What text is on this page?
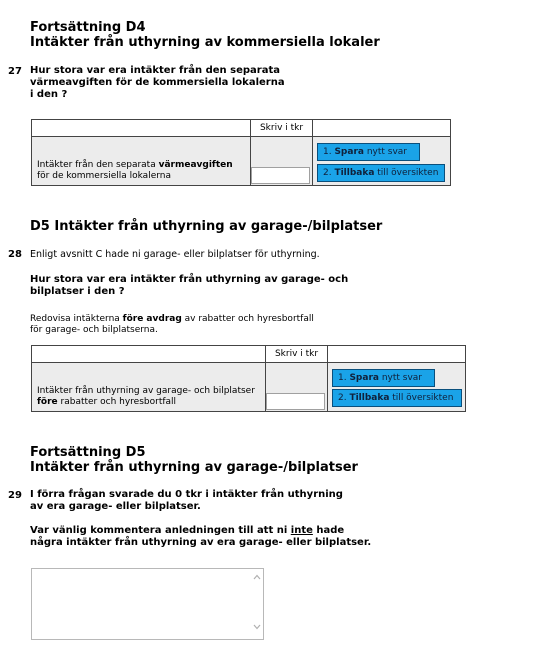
Fortsättning D4
Intäkter från uthyrning av kommersiella lokaler
27 Hur stora var era intäkter från den separata
värmeavgiften för de kommersiella lokalerna
i den ?
	Skriv i tkr	
Intäkter från den separata värmeavgiften
för de kommersiella lokalerna		
1. Spara nytt svar
2. Tillbaka till översikten
D5 Intäkter från uthyrning av garage-/bilplatser
28 Enligt avsnitt C hade ni garage- eller bilplatser för uthyrning.
Hur stora var era intäkter från uthyrning av garage- och
bilplatser i den ?
Redovisa intäkterna före avdrag av rabatter och hyresbortfall
för garage- och bilplatserna.
	Skriv i tkr	
Intäkter från uthyrning av garage- och bilplatser
före rabatter och hyresbortfall		
1. Spara nytt svar
2. Tillbaka till översikten
Fortsättning D5
Intäkter från uthyrning av garage-/bilplatser
29 I förra frågan svarade du 0 tkr i intäkter från uthyrning
av era garage- eller bilplatser.
Var vänlig kommentera anledningen till att ni inte hade
några intäkter från uthyrning av era garage- eller bilplatser.
